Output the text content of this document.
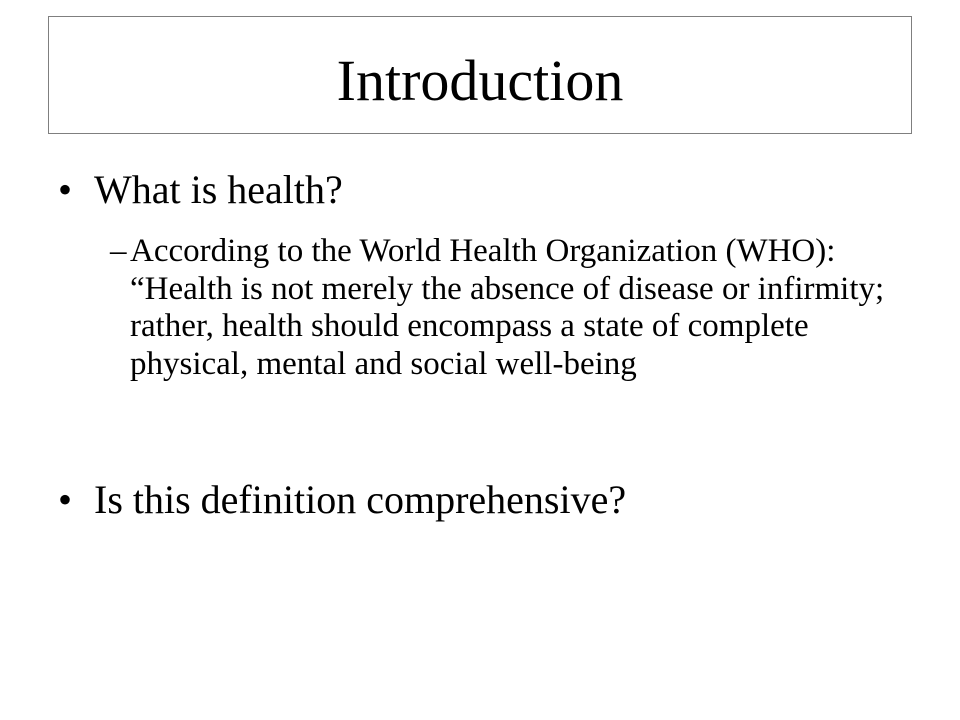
Introduction
• What is health?
– According to the World Health Organization (WHO): “Health is not merely the absence of disease or infirmity; rather, health should encompass a state of complete physical, mental and social well-being
• Is this definition comprehensive?
